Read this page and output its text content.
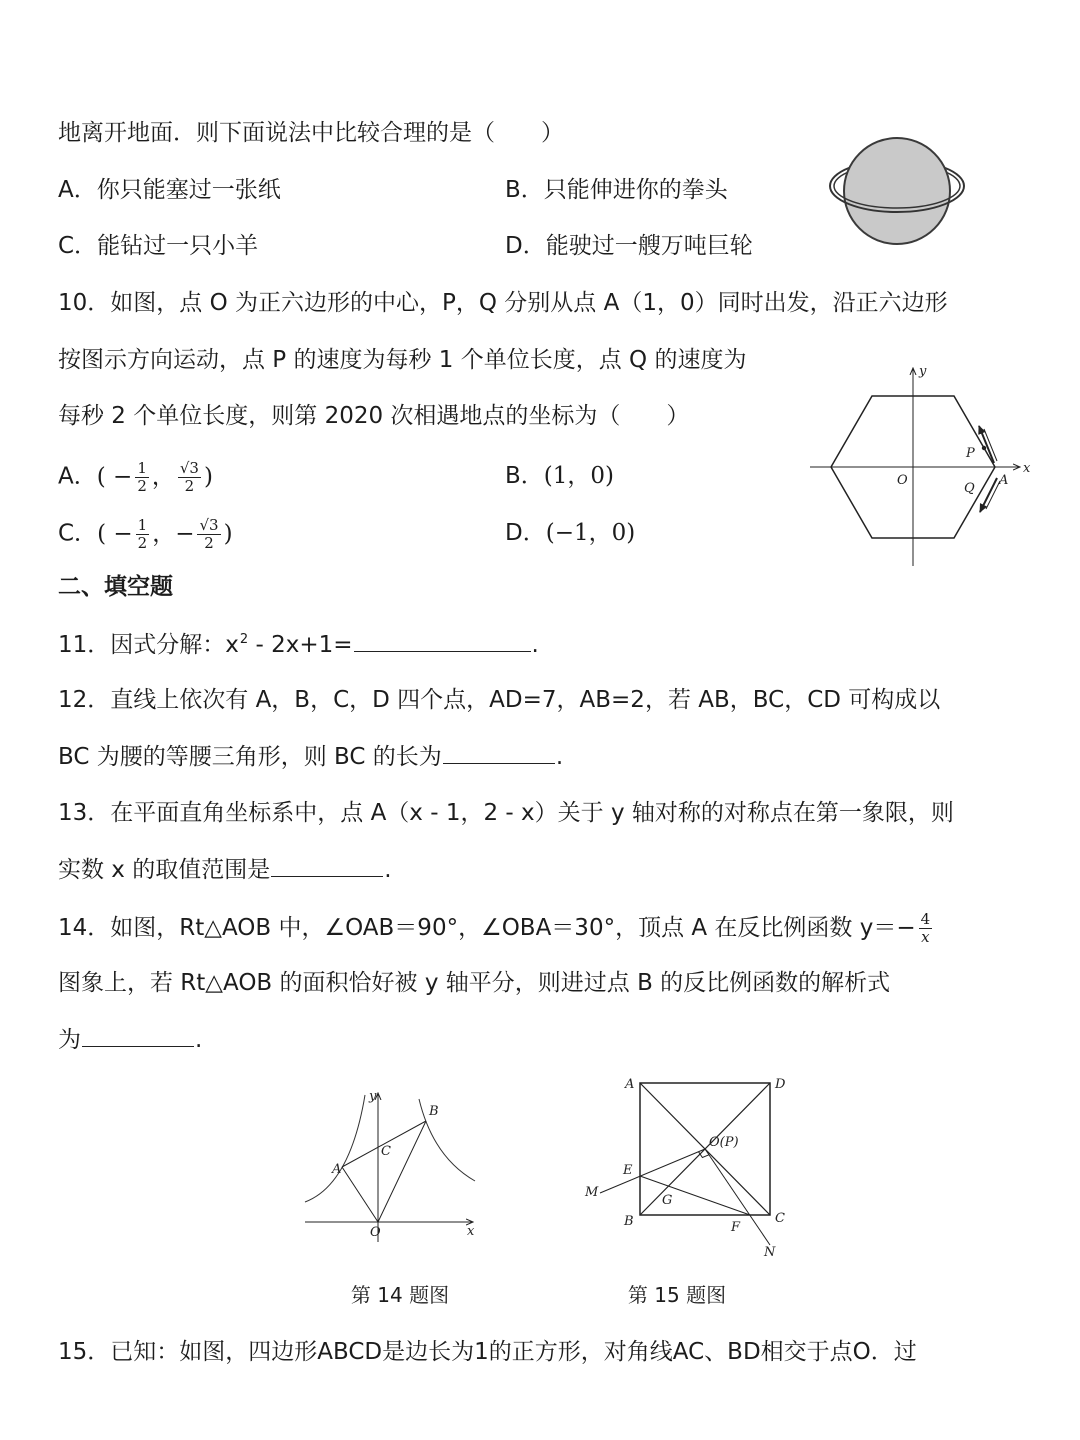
地离开地面．则下面说法中比较合理的是（　　）
A．你只能塞过一张纸	B．只能伸进你的拳头
C．能钻过一只小羊	D．能驶过一艘万吨巨轮
10．如图，点 O 为正六边形的中心，P，Q 分别从点 A（1，0）同时出发，沿正六边形
按图示方向运动，点 P 的速度为每秒 1 个单位长度，点 Q 的速度为
每秒 2 个单位长度，则第 2020 次相遇地点的坐标为（　　）
A．( − $\frac{1}{2}$ ， $\frac{√3}{2}$ )	B．(1，0)
C．( − $\frac{1}{2}$ ，− $\frac{√3}{2}$ )	D．(−1，0)
x
y
O
P
Q
A
二、填空题
11．因式分解：$x^2 - 2x+1=$	.
12．直线上依次有 A，B，C，D 四个点，AD=7，AB=2，若 AB，BC，CD 可构成以
BC 为腰的等腰三角形，则 BC 的长为	.
13．在平面直角坐标系中，点 A（x - 1，2 - x）关于 y 轴对称的对称点在第一象限，则
实数 x 的取值范围是	.
14．如图，Rt△AOB 中，∠OAB＝90°，∠OBA＝30°，顶点 A 在反比例函数 $y=- \frac{4}{x}$
图象上，若 Rt△AOB 的面积恰好被 y 轴平分，则进过点 B 的反比例函数的解析式
为	.
x
y
O
A
B
C
A	D
B	C
E
M
G
F
N
O(P)
第 14 题图	第 15 题图
15．已知：如图，四边形ABCD是边长为1的正方形，对角线AC、BD相交于点O．过
